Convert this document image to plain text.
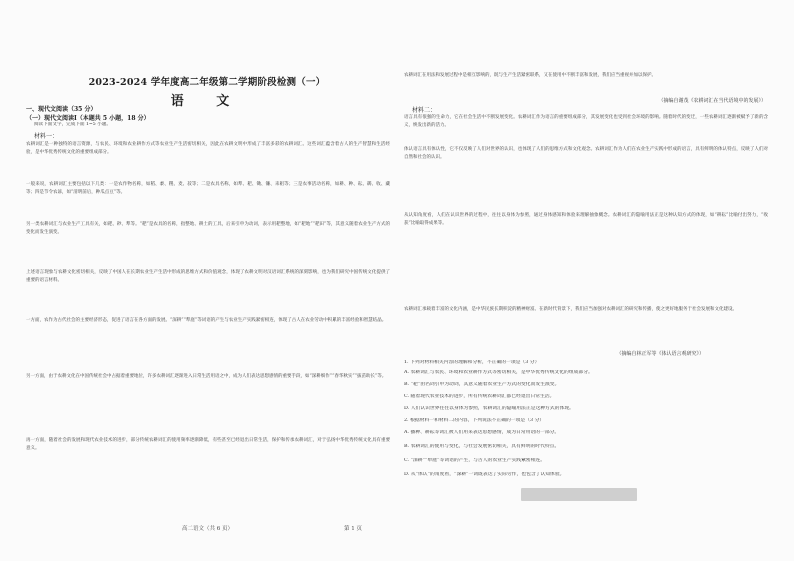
2023-2024 学年度高二年级第二学期阶段检测（一）
语 文
一、现代文阅读（35 分）
（一）现代文阅读Ⅰ（本题共 5 小题，18 分）
阅读下面文字，完成下面 1~5 小题。
材料一：
农耕词汇是一种独特的语言资源，与农民、环境和农业耕作方式等农业生产生活密切相关，因此在农耕文明中形成了丰富多彩的农耕词汇。这些词汇蕴含着古人的生产智慧和生活经验，是中华优秀传统文化的重要组成部分。
一般来说，农耕词汇主要包括以下几类：一是农作物名称，如稻、黍、稷、麦、菽等；二是农具名称，如犁、耙、锄、镰、耒耜等；三是农事活动名称，如耕、种、耘、耨、收、藏等；四是节令农谚，如“清明前后，种瓜点豆”等。
另一类农耕词汇与农业生产工具有关，如耙、耖、犁等。“耙”是农具的名称，指整地、耕土的工具，后来引申为动词，表示用耙整地，如“耙地”“耙田”等，其意义随着农业生产方式的变化而发生演变。
上述语言现象与农耕文化密切相关，反映了中国人在长期农业生产生活中形成的思维方式和价值观念，体现了农耕文明对汉语词汇系统的深刻影响，也为我们研究中国传统文化提供了重要的语言材料。
一方面，农作为古代社会的主要经济形态，促进了语言在各方面的发展。“深耕”“犁庭”等词语的产生与农业生产实践紧密相连，体现了古人在农业劳动中积累的丰富经验和智慧结晶。
另一方面，由于农耕文化在中国传统社会中占据着重要地位，许多农耕词汇逐渐进入日常生活用语之中，成为人们表达思想感情的重要手段，如“深耕细作”“春华秋实”“拔苗助长”等。
再一方面，随着社会的发展和现代农业技术的进步，部分传统农耕词汇的使用频率逐渐降低，有些甚至已经退出日常生活，保护和传承农耕词汇，对于弘扬中华优秀传统文化具有重要意义。
高二语文（共 6 页）
农耕词汇在用法和发展过程中是相互影响的，既与生产生活紧密联系，又在使用中不断丰富和发展，我们应当重视并加以保护。
（摘编自谢茂《农耕词汇在当代语境中的发展》）
材料二：
语言具有很强的生命力，它在社会生活中不断发展变化。农耕词汇作为语言的重要组成部分，其发展变化也受到社会环境的影响。随着时代的变迁，一些农耕词汇逐渐被赋予了新的含义，焕发出新的活力。
体认语言具有体认性，它不仅反映了人们对世界的认识，也体现了人们的思维方式和文化观念。农耕词汇作为人们在农业生产实践中形成的语言，具有鲜明的体认特点，反映了人们对自然和社会的认识。
从认知角度看，人们在认识世界的过程中，往往以身体为参照，通过身体感知和体验来理解抽象概念。农耕词汇的隐喻用法正是这种认知方式的体现，如“耕耘”比喻付出努力，“收获”比喻取得成果等。
农耕词汇承载着丰富的文化内涵，是中华民族长期积淀的精神财富。在新时代背景下，我们应当加强对农耕词汇的研究和传播，使之更好地服务于社会发展和文化建设。
（摘编自林正军等《体认语言观研究》）
1. 下列对材料相关内容的理解和分析，不正确的一项是（3 分）
A. 农耕词汇与农民、环境和农业耕作方式等密切相关，是中华优秀传统文化的组成部分。
B. “耙”由名词引申为动词，其意义随着农业生产方式的变化而发生演变。
C. 随着现代农业技术的进步，所有传统农耕词汇都已经退出日常生活。
D. 人们认识世界往往以身体为参照，农耕词汇的隐喻用法正是这种方式的体现。
2. 根据材料一和材料二的内容，下列说法不正确的一项是（3 分）
A. 播种、耕耘等词汇被人们用来表达思想感情，成为日常用语的一部分。
B. 农耕词汇的使用与变化，与社会发展密切相关，具有鲜明的时代特点。
C. “深耕”“犁庭”等词语的产生，与古人的农业生产实践紧密相连。
D. 从“体认”的角度看，“深耕”一词既表达了实际劳作，也包含了认知体验。
第 1 页
